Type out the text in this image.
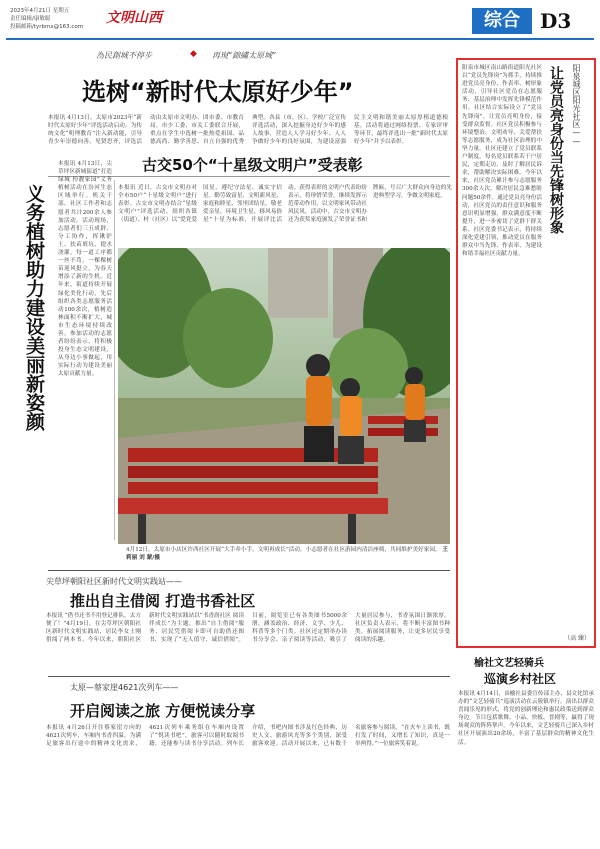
2023年4月21日 星期五
责任编辑/康敏聪
投稿邮箱/tyrbmx@163.com
文明山西	综合	D3
為民創城不停步	◆ 再現“錦繡太原城”
选树“新时代太原好少年”
本报讯 4月13日，太原市2023年“新时代太原好少年”评选活动启动。为传统文化“明理教育”注入新动能，引导青少年崇德向善、见贤思齐，评选活动由太原市文明办、团市委、市教育局、市少工委、市关工委联合开展，重点在学生中选树一批热爱祖国、品德高尚、勤学善思、自立自强的优秀典型。各县（市、区）、学校广泛宣传评选活动，深入挖掘身边好少年的感人故事，营造人人学习好少年、人人争做好少年的良好氛围，为建设富强民主文明和谐美丽太原厚植道德根基。活动将通过网络投票、专家评审等环节，最终评选出一批“新时代太原好少年”并予以表彰。
义务植树助力建设美丽新姿颜
本报讯 4月13日，尖草坪区新城街道“打造绿城 扮靓家园”义务植树活动在汾河生态区域举行。机关干部、社区工作者和志愿者共计200余人参加活动。活动现场，志愿者们三五成群、分工协作，挥锹铲土、扶苗填坑、提水浇灌，每一道工序都一丝不苟。一棵棵树苗迎风挺立，为春天增添了新的生机。近年来，街道持续开展绿化美化行动，先后组织各类志愿服务活动100余次，植树造林面积不断扩大，城市生态环境持续改善。参加活动的志愿者纷纷表示，将积极投身生态文明建设，从身边小事做起，用实际行动为建设美丽太原贡献力量。
古交50个“十星级文明户”受表彰
本报讯 近日，古交市文明办对全市50户“十星级文明户”进行表彰。古交市文明办结合“星级文明户”评选活动，组织各镇（街道）、村（社区）以“爱党爱国星、遵纪守法星、诚实守信星、勤劳致富星、文明新风星、家庭和睦星、邻里团结星、敬老爱亲星、环境卫生星、移风易俗星”十星为标准，开展评比活动。获得表彰的文明户代表纷纷表示，将珍惜荣誉，继续发挥示范带动作用，以文明家风带动社风民风。活动中，古交市文明办还为获奖家庭颁发了荣誉证书和牌匾，号召广大群众向身边的先进典型学习，争做文明家庭。
4月12日，太原市小店区许西社区开展“大手牵小手，文明再成长”活动，小志愿者在社区游园内清洁座椅，共同维护美好家园。 王莉丽 刘 蒙/摄
尖草坪朝阳社区新时代文明实践站——
推出自主借阅 打造书香社区
本报讯 “借书还书不用登记排队，太方便了！”4月19日，在尖草坪区朝阳社区新时代文明实践站，居民李女士刚借阅了两本书。今年以来，朝阳社区新时代文明实践站以“书香润社区 阅读伴成长”为主题，推出“自主借阅”服务，居民凭借阅卡即可自助借还图书，实现了“无人值守、诚信借阅”。目前，阅览室已有各类图书5000余册，涵盖政治、经济、文学、少儿、科普等多个门类。社区还定期举办读书分享会、亲子阅读等活动，吸引了大量居民参与，书香氛围日渐浓厚。社区负责人表示，将不断丰富图书种类，拓展阅读服务，让更多居民享受阅读的乐趣。
太原—蔡家崖4621次列车——
开启阅读之旅 方便悦读分享
本报讯 4月26日开往蔡家崖方向的4621次列车，车厢内书香四溢。为满足旅客出行途中的精神文化需求，4621次列车乘务组在车厢内设置了“悦读书吧”，旅客可以随时取阅书籍，还能参与读书分享活动。列车长介绍，书吧内图书涉及红色经典、历史人文、旅游风光等多个类别，深受旅客欢迎。活动开展以来，已有数千名旅客参与阅读。“在火车上读书，既打发了时间，又增长了知识，真是一举两得。”一位旅客笑着说。
阳泉城区阳光社区——
让党员亮身份当先锋树形象
阳泉市城区南山路街道阳光社区以“党员先锋岗”为抓手，持续推进党员亮身份、作表率、树形象活动，引导社区党员在志愿服务、基层治理中发挥先锋模范作用。社区结合实际设立了“党员先锋岗”，让党员亮明身份，接受群众监督。社区党员积极参与环境整治、文明劝导、关爱帮扶等志愿服务，成为社区治理的中坚力量。社区还建立了党员联系户制度，每名党员联系若干户居民，定期走访，及时了解居民诉求，帮助解决实际困难。今年以来，社区党员累计参与志愿服务300余人次，解决居民急难愁盼问题50余件。通过党员亮身份活动，社区党员的责任意识和服务意识明显增强，群众满意度不断提升，进一步密切了党群干群关系。社区党委书记表示，将持续深化党建引领，推动党员在服务群众中当先锋、作表率，为建设和谐幸福社区贡献力量。
（高 臻）
榆社文艺轻骑兵
巡演乡村社区
本报讯 4月14日，由榆社县委宣传部主办、县文化馆承办的“文艺轻骑兵”巡演活动在云簇镇举行。演出以群众喜闻乐见的形式，将党的创新理论和惠民政策送到群众身边。节目包括歌舞、小品、快板、晋剧等，赢得了现场观众的阵阵掌声。今年以来，文艺轻骑兵已深入乡村社区开展演出20余场，丰富了基层群众的精神文化生活。
